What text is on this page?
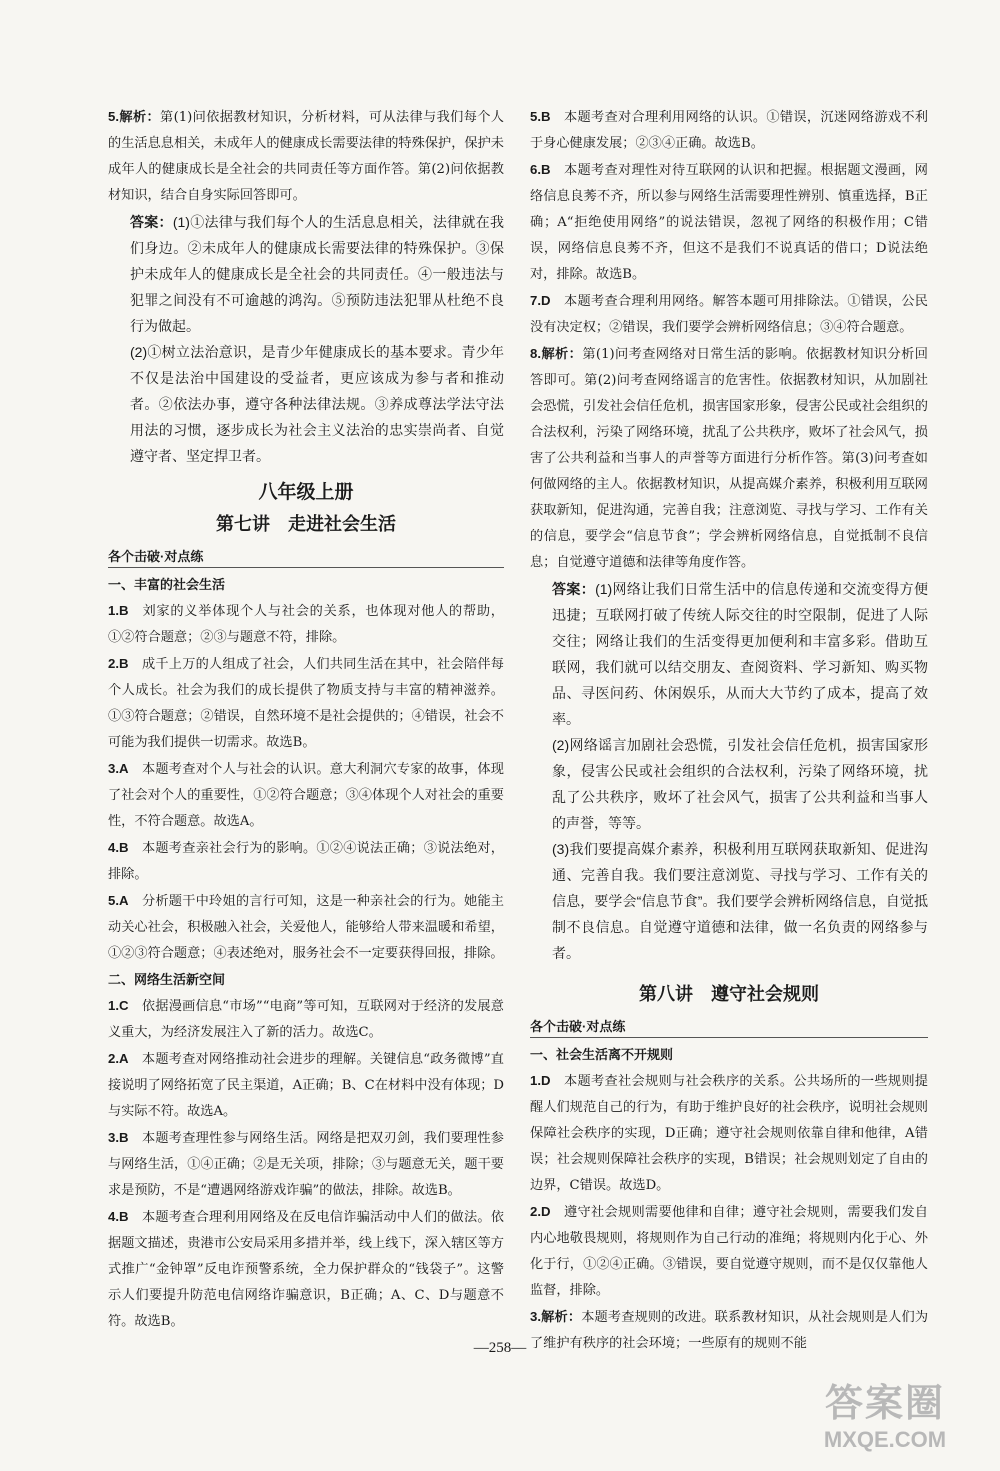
5.解析：第(1)问依据教材知识，分析材料，可从法律与我们每个人的生活息息相关，未成年人的健康成长需要法律的特殊保护，保护未成年人的健康成长是全社会的共同责任等方面作答。第(2)问依据教材知识，结合自身实际回答即可。

答案：(1)①法律与我们每个人的生活息息相关，法律就在我们身边。②未成年人的健康成长需要法律的特殊保护。③保护未成年人的健康成长是全社会的共同责任。④一般违法与犯罪之间没有不可逾越的鸿沟。⑤预防违法犯罪从杜绝不良行为做起。

(2)①树立法治意识，是青少年健康成长的基本要求。青少年不仅是法治中国建设的受益者，更应该成为参与者和推动者。②依法办事，遵守各种法律法规。③养成尊法学法守法用法的习惯，逐步成长为社会主义法治的忠实崇尚者、自觉遵守者、坚定捍卫者。

八年级上册
第七讲　走进社会生活
各个击破·对点练
一、丰富的社会生活

1.B  刘家的义举体现个人与社会的关系，也体现对他人的帮助，①②符合题意；②③与题意不符，排除。

2.B  成千上万的人组成了社会，人们共同生活在其中，社会陪伴每个人成长。社会为我们的成长提供了物质支持与丰富的精神滋养。①③符合题意；②错误，自然环境不是社会提供的；④错误，社会不可能为我们提供一切需求。故选B。

3.A  本题考查对个人与社会的认识。意大利洞穴专家的故事，体现了社会对个人的重要性，①②符合题意；③④体现个人对社会的重要性，不符合题意。故选A。

4.B  本题考查亲社会行为的影响。①②④说法正确；③说法绝对，排除。

5.A  分析题干中玲姐的言行可知，这是一种亲社会的行为。她能主动关心社会，积极融入社会，关爱他人，能够给人带来温暖和希望，①②③符合题意；④表述绝对，服务社会不一定要获得回报，排除。

二、网络生活新空间

1.C  依据漫画信息“市场”“电商”等可知，互联网对于经济的发展意义重大，为经济发展注入了新的活力。故选C。

2.A  本题考查对网络推动社会进步的理解。关键信息“政务微博”直接说明了网络拓宽了民主渠道，A正确；B、C在材料中没有体现；D与实际不符。故选A。

3.B  本题考查理性参与网络生活。网络是把双刃剑，我们要理性参与网络生活，①④正确；②是无关项，排除；③与题意无关，题干要求是预防，不是“遭遇网络游戏诈骗”的做法，排除。故选B。

4.B  本题考查合理利用网络及在反电信诈骗活动中人们的做法。依据题文描述，贵港市公安局采用多措并举，线上线下，深入辖区等方式推广“金钟罩”反电诈预警系统，全力保护群众的“钱袋子”。这警示人们要提升防范电信网络诈骗意识，B正确；A、C、D与题意不符。故选B。

5.B  本题考查对合理利用网络的认识。①错误，沉迷网络游戏不利于身心健康发展；②③④正确。故选B。

6.B  本题考查对理性对待互联网的认识和把握。根据题文漫画，网络信息良莠不齐，所以参与网络生活需要理性辨别、慎重选择，B正确；A“拒绝使用网络”的说法错误，忽视了网络的积极作用；C错误，网络信息良莠不齐，但这不是我们不说真话的借口；D说法绝对，排除。故选B。

7.D  本题考查合理利用网络。解答本题可用排除法。①错误，公民没有决定权；②错误，我们要学会辨析网络信息；③④符合题意。

8.解析：第(1)问考查网络对日常生活的影响。依据教材知识分析回答即可。第(2)问考查网络谣言的危害性。依据教材知识，从加剧社会恐慌，引发社会信任危机，损害国家形象，侵害公民或社会组织的合法权利，污染了网络环境，扰乱了公共秩序，败坏了社会风气，损害了公共利益和当事人的声誉等方面进行分析作答。第(3)问考查如何做网络的主人。依据教材知识，从提高媒介素养，积极利用互联网获取新知，促进沟通，完善自我；注意浏览、寻找与学习、工作有关的信息，要学会“信息节食”；学会辨析网络信息，自觉抵制不良信息；自觉遵守道德和法律等角度作答。

答案：(1)网络让我们日常生活中的信息传递和交流变得方便迅捷；互联网打破了传统人际交往的时空限制，促进了人际交往；网络让我们的生活变得更加便利和丰富多彩。借助互联网，我们就可以结交朋友、查阅资料、学习新知、购买物品、寻医问药、休闲娱乐，从而大大节约了成本，提高了效率。

(2)网络谣言加剧社会恐慌，引发社会信任危机，损害国家形象，侵害公民或社会组织的合法权利，污染了网络环境，扰乱了公共秩序，败坏了社会风气，损害了公共利益和当事人的声誉，等等。

(3)我们要提高媒介素养，积极利用互联网获取新知、促进沟通、完善自我。我们要注意浏览、寻找与学习、工作有关的信息，要学会“信息节食”。我们要学会辨析网络信息，自觉抵制不良信息。自觉遵守道德和法律，做一名负责的网络参与者。

第八讲　遵守社会规则
各个击破·对点练
一、社会生活离不开规则

1.D  本题考查社会规则与社会秩序的关系。公共场所的一些规则提醒人们规范自己的行为，有助于维护良好的社会秩序，说明社会规则保障社会秩序的实现，D正确；遵守社会规则依靠自律和他律，A错误；社会规则保障社会秩序的实现，B错误；社会规则划定了自由的边界，C错误。故选D。

2.D  遵守社会规则需要他律和自律；遵守社会规则，需要我们发自内心地敬畏规则，将规则作为自己行动的准绳；将规则内化于心、外化于行，①②④正确。③错误，要自觉遵守规则，而不是仅仅靠他人监督，排除。

3.解析：本题考查规则的改进。联系教材知识，从社会规则是人们为了维护有秩序的社会环境；一些原有的规则不能

—258—
答案圈
MXQE.COM
